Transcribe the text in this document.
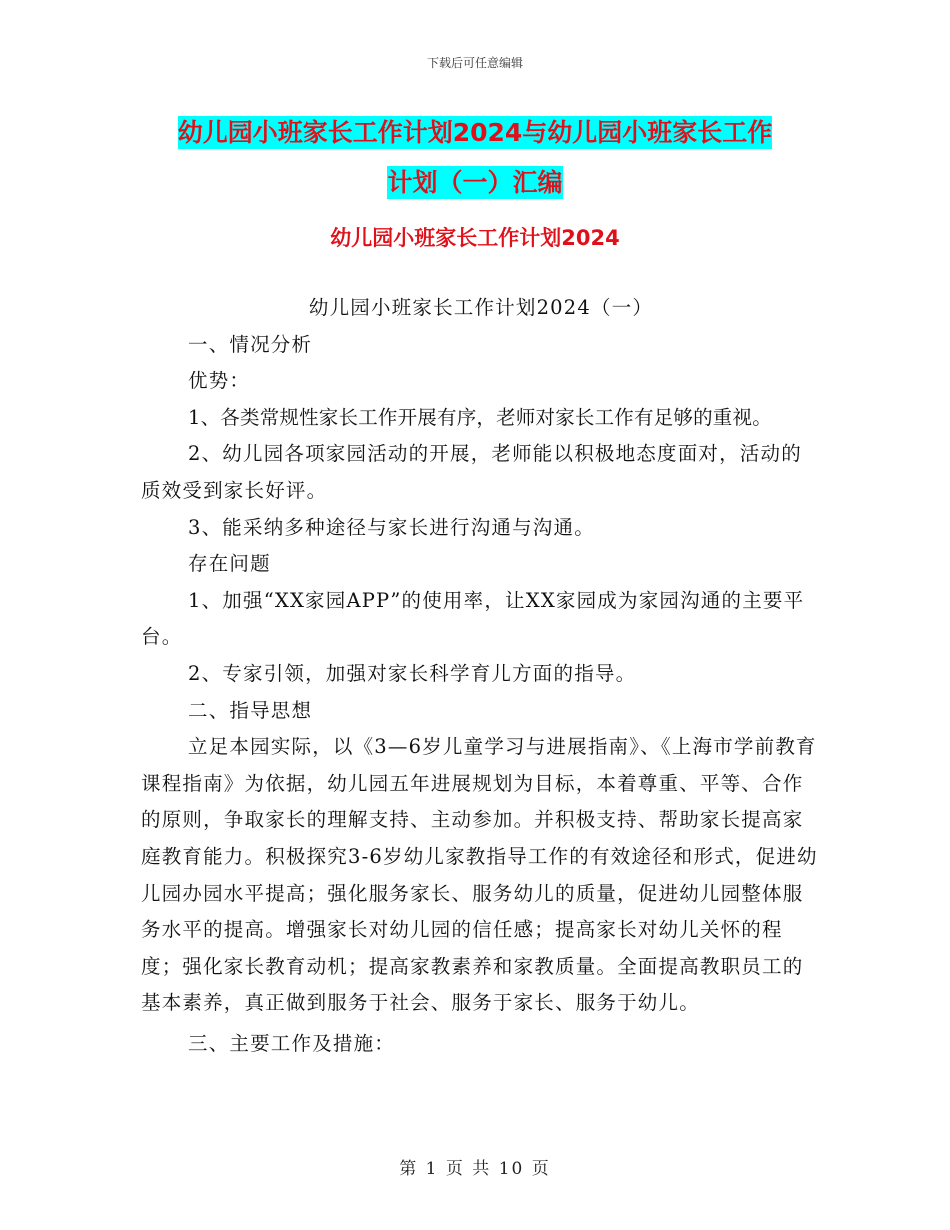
下载后可任意编辑
幼儿园小班家长工作计划2024与幼儿园小班家长工作
计划（一）汇编
幼儿园小班家长工作计划2024

幼儿园小班家长工作计划2024（一）

一、情况分析

优势：

1、各类常规性家长工作开展有序，老师对家长工作有足够的重视。

2、幼儿园各项家园活动的开展，老师能以积极地态度面对，活动的质效受到家长好评。

3、能采纳多种途径与家长进行沟通与沟通。

存在问题

1、加强“XX家园APP”的使用率，让XX家园成为家园沟通的主要平台。

2、专家引领，加强对家长科学育儿方面的指导。

二、指导思想

立足本园实际，以《3—6岁儿童学习与进展指南》、《上海市学前教育课程指南》为依据，幼儿园五年进展规划为目标，本着尊重、平等、合作的原则，争取家长的理解支持、主动参加。并积极支持、帮助家长提高家庭教育能力。积极探究3-6岁幼儿家教指导工作的有效途径和形式，促进幼儿园办园水平提高；强化服务家长、服务幼儿的质量，促进幼儿园整体服务水平的提高。增强家长对幼儿园的信任感；提高家长对幼儿关怀的程度；强化家长教育动机；提高家教素养和家教质量。全面提高教职员工的基本素养，真正做到服务于社会、服务于家长、服务于幼儿。

三、主要工作及措施：

第 1 页 共 10 页
